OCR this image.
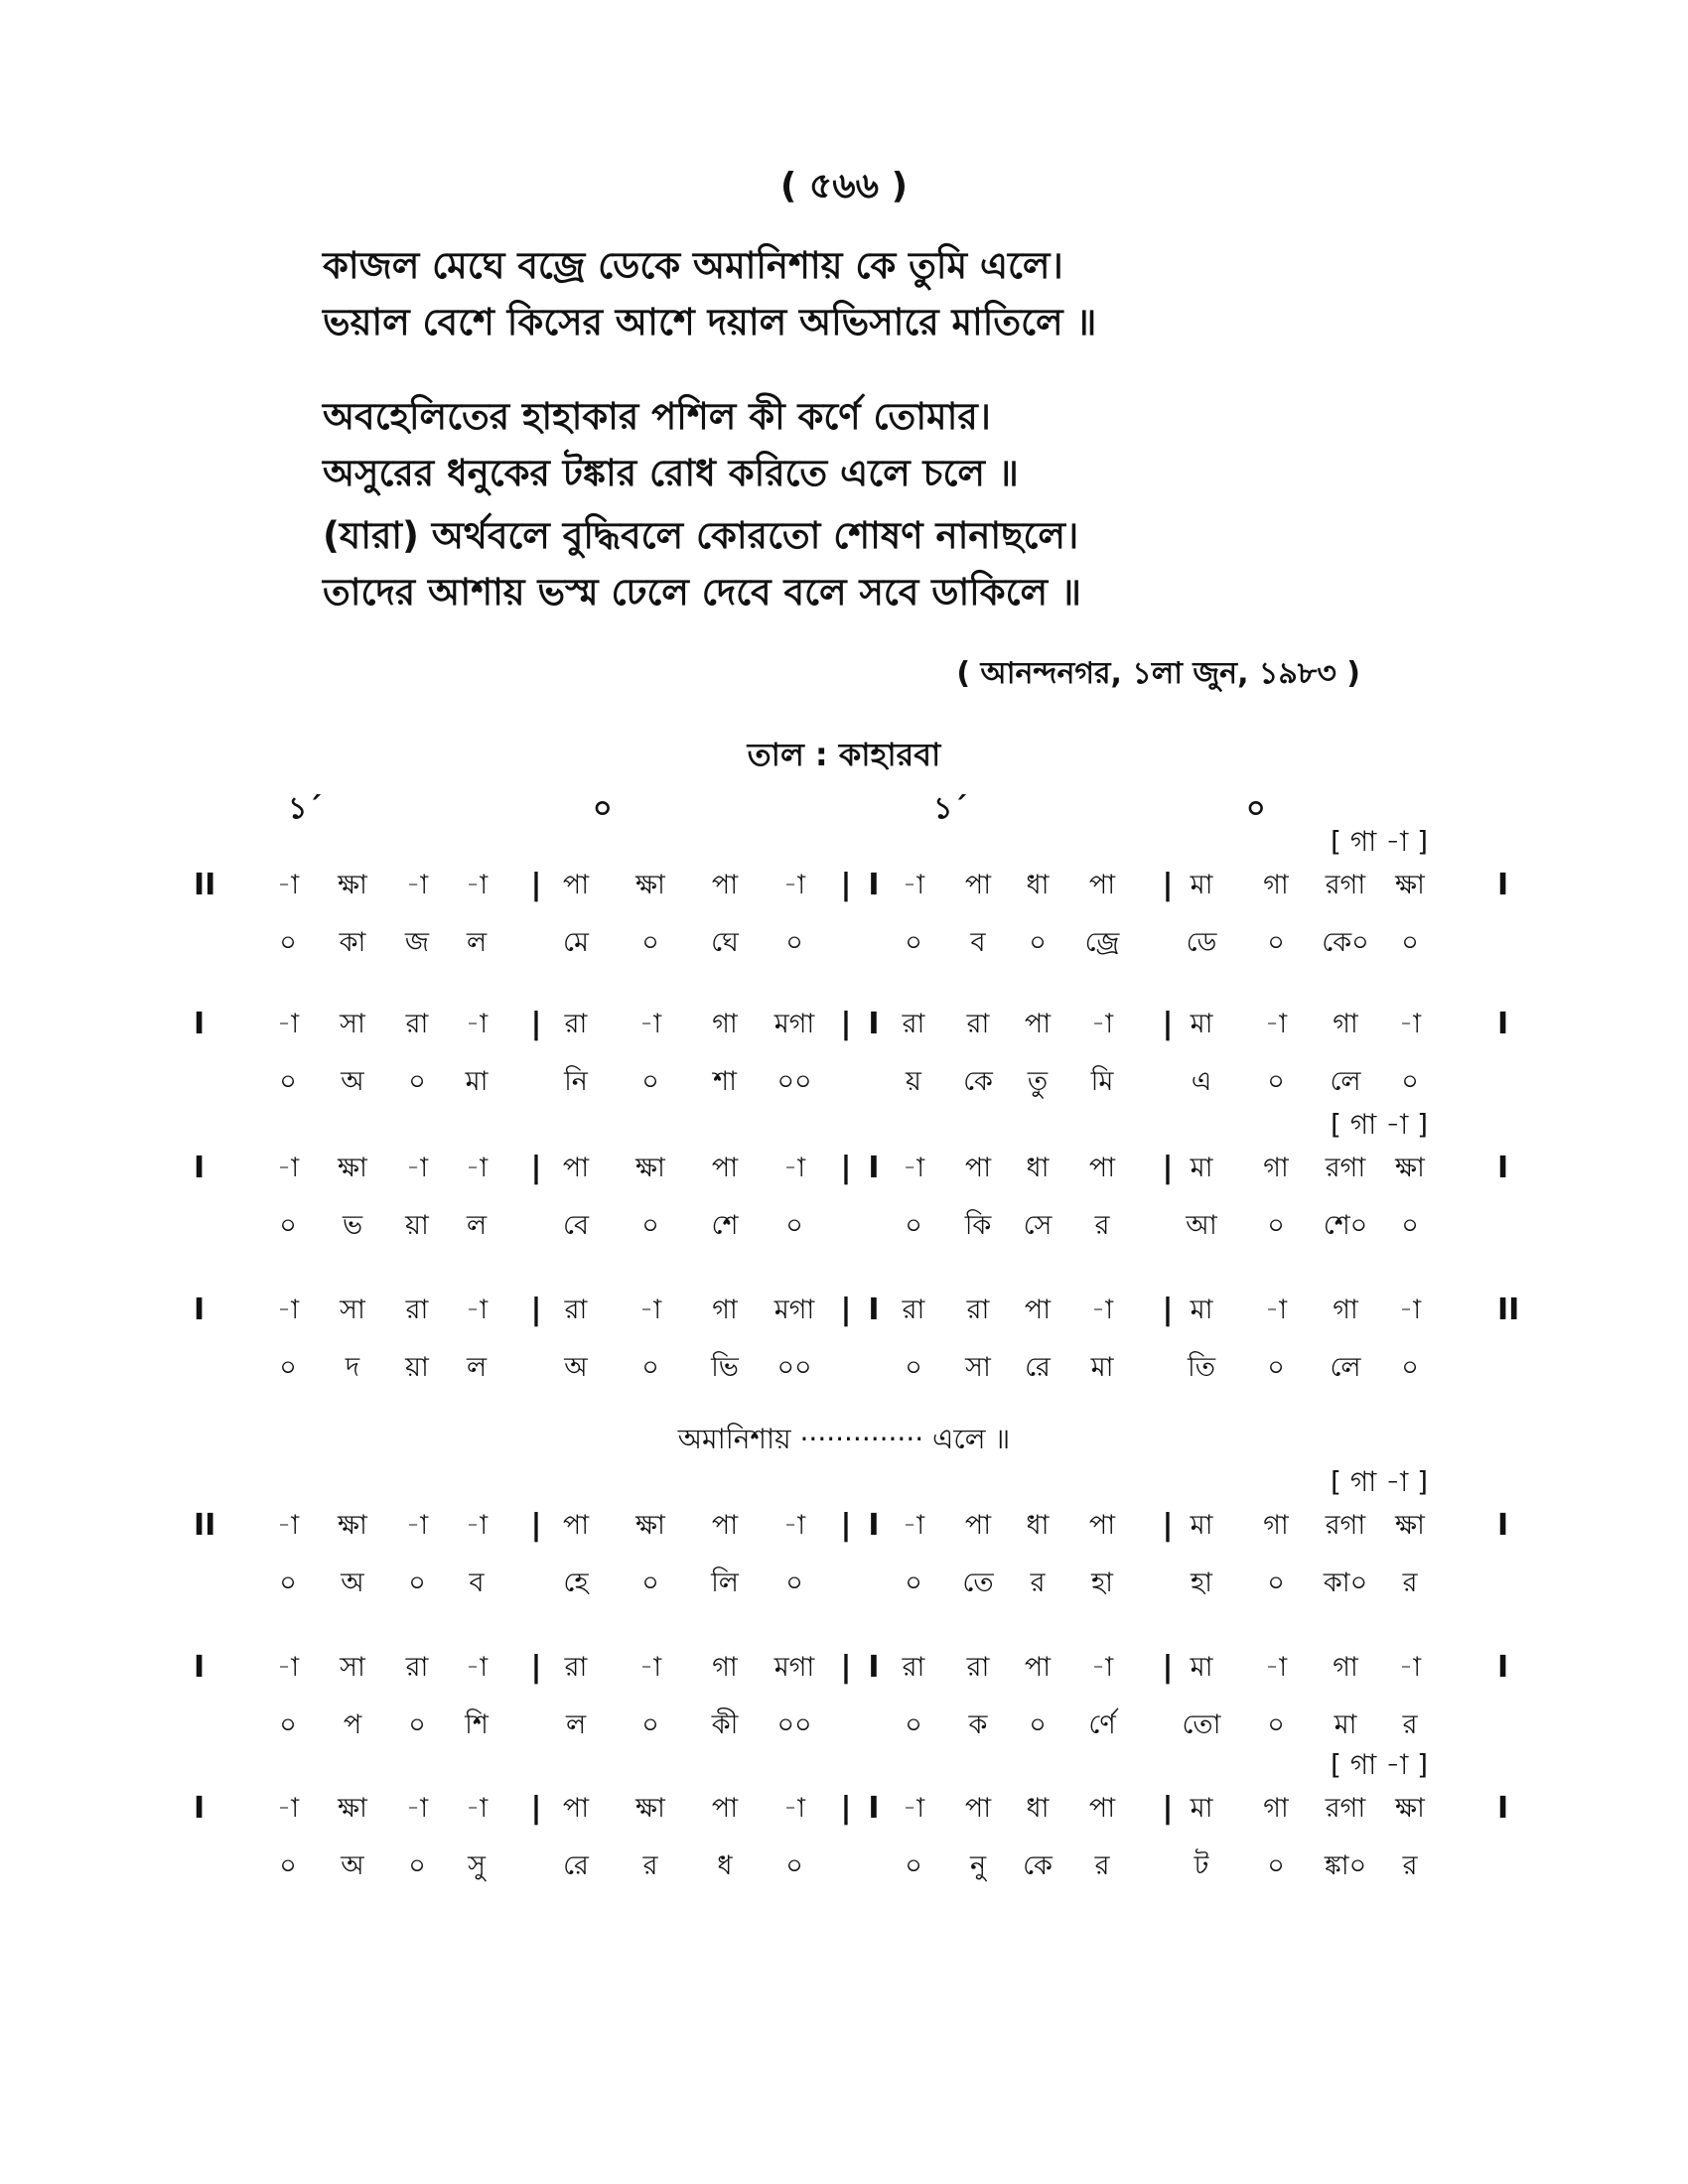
( ৫৬৬ )
কাজল মেঘে বজ্রে ডেকে অমানিশায় কে তুমি এলে।
ভয়াল বেশে কিসের আশে দয়াল অভিসারে মাতিলে ॥
অবহেলিতের হাহাকার পশিল কী কর্ণে তোমার।
অসুরের ধনুকের টঙ্কার রোধ করিতে এলে চলে ॥
(যারা) অর্থবলে বুদ্ধিবলে কোরতো শোষণ নানাছলে।
তাদের আশায় ভস্ম ঢেলে দেবে বলে সবে ডাকিলে ॥
( আনন্দনগর, ১লা জুন, ১৯৮৩ )
তাল : কাহারবা
১´	০	১´	০
[ গা -া ]
II	-া	ক্ষা	-া	-া	পা	ক্ষা	পা	-া	-া	পা	ধা	পা	মা	গা	রগা	ক্ষা
|	| I	|	I
০	কা	জ	ল	মে	০	ঘে	০	০	ব	০	জ্রে	ডে	০	কে০	০
I	-া	সা	রা	-া	রা	-া	গা	মগা	রা	রা	পা	-া	মা	-া	গা	-া
|	| I	|	I
০	অ	০	মা	নি	০	শা	০০	য়	কে	তু	মি	এ	০	লে	০
[ গা -া ]
I	-া	ক্ষা	-া	-া	পা	ক্ষা	পা	-া	-া	পা	ধা	পা	মা	গা	রগা	ক্ষা
|	| I	|	I
০	ভ	য়া	ল	বে	০	শে	০	০	কি	সে	র	আ	০	শে০	০
I	-া	সা	রা	-া	রা	-া	গা	মগা	রা	রা	পা	-া	মা	-া	গা	-া
|	| I	|	II
০	দ	য়া	ল	অ	০	ভি	০০	০	সা	রে	মা	তি	০	লে	০
[ গা -া ]
II	-া	ক্ষা	-া	-া	পা	ক্ষা	পা	-া	-া	পা	ধা	পা	মা	গা	রগা	ক্ষা
|	| I	|	I
০	অ	০	ব	হে	০	লি	০	০	তে	র	হা	হা	০	কা০	র
I	-া	সা	রা	-া	রা	-া	গা	মগা	রা	রা	পা	-া	মা	-া	গা	-া
|	| I	|	I
০	প	০	শি	ল	০	কী	০০	০	ক	০	র্ণে	তো	০	মা	র
[ গা -া ]
I	-া	ক্ষা	-া	-া	পা	ক্ষা	পা	-া	-া	পা	ধা	পা	মা	গা	রগা	ক্ষা
|	| I	|	I
০	অ	০	সু	রে	র	ধ	০	০	নু	কে	র	ট	০	ঙ্কা০	র
অমানিশায় ·············· এলে ॥
